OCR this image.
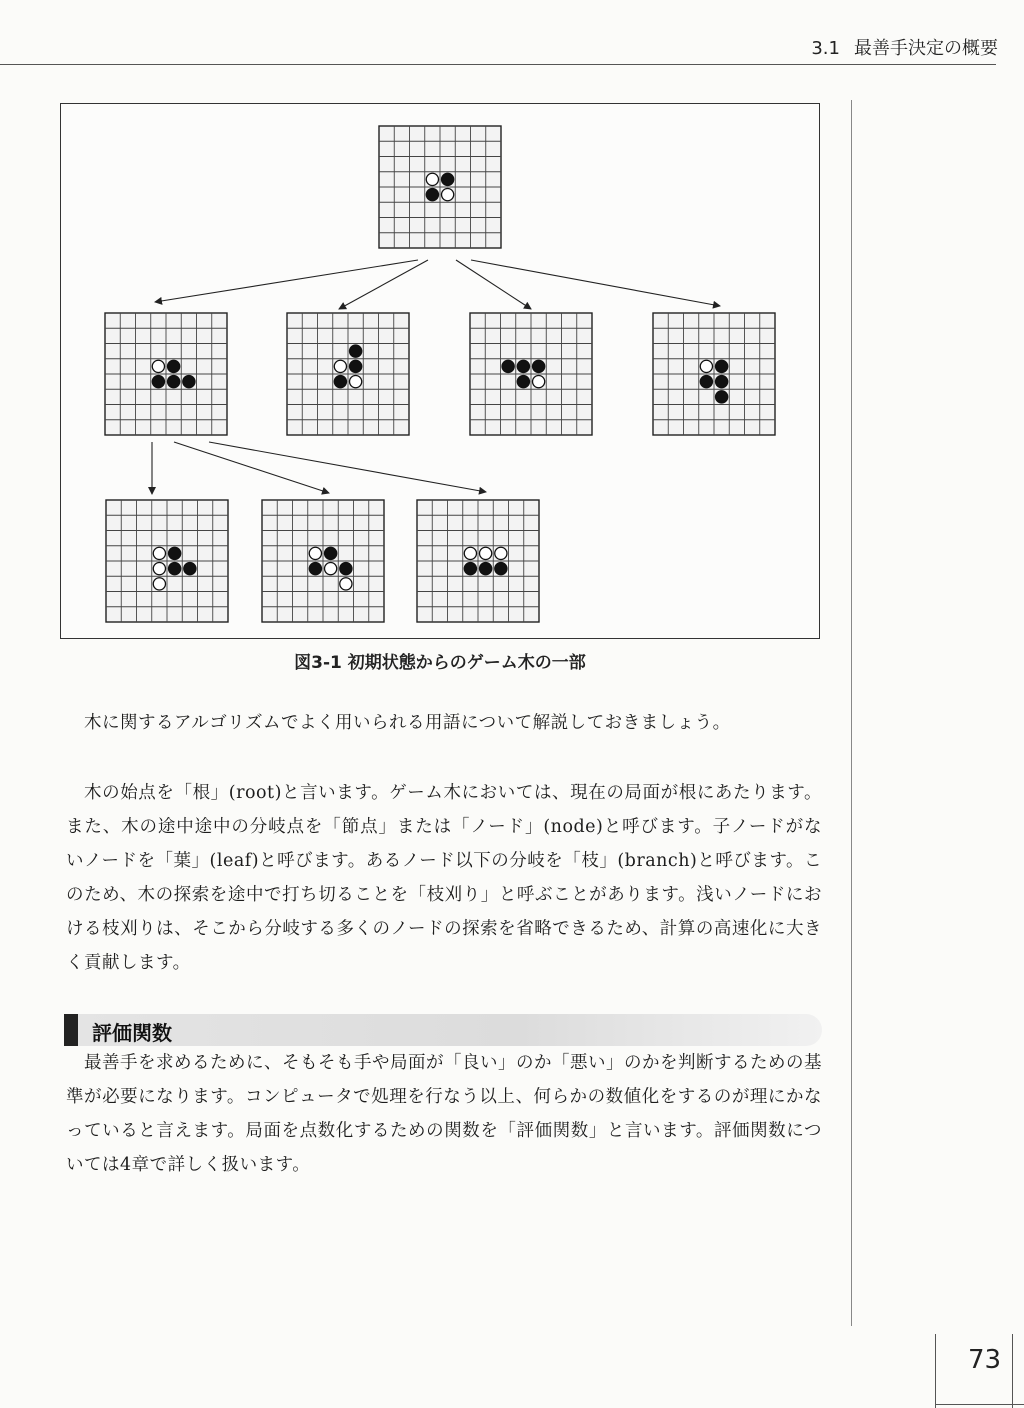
3.1 最善手決定の概要
図3-1 初期状態からのゲーム木の一部

木に関するアルゴリズムでよく用いられる用語について解説しておきましょう。

木の始点を「根」(root)と言います。ゲーム木においては、現在の局面が根にあたります。また、木の途中途中の分岐点を「節点」または「ノード」(node)と呼びます。子ノードがないノードを「葉」(leaf)と呼びます。あるノード以下の分岐を「枝」(branch)と呼びます。このため、木の探索を途中で打ち切ることを「枝刈り」と呼ぶことがあります。浅いノードにおける枝刈りは、そこから分岐する多くのノードの探索を省略できるため、計算の高速化に大きく貢献します。

評価関数

最善手を求めるために、そもそも手や局面が「良い」のか「悪い」のかを判断するための基準が必要になります。コンピュータで処理を行なう以上、何らかの数値化をするのが理にかなっていると言えます。局面を点数化するための関数を「評価関数」と言います。評価関数については4章で詳しく扱います。

73
